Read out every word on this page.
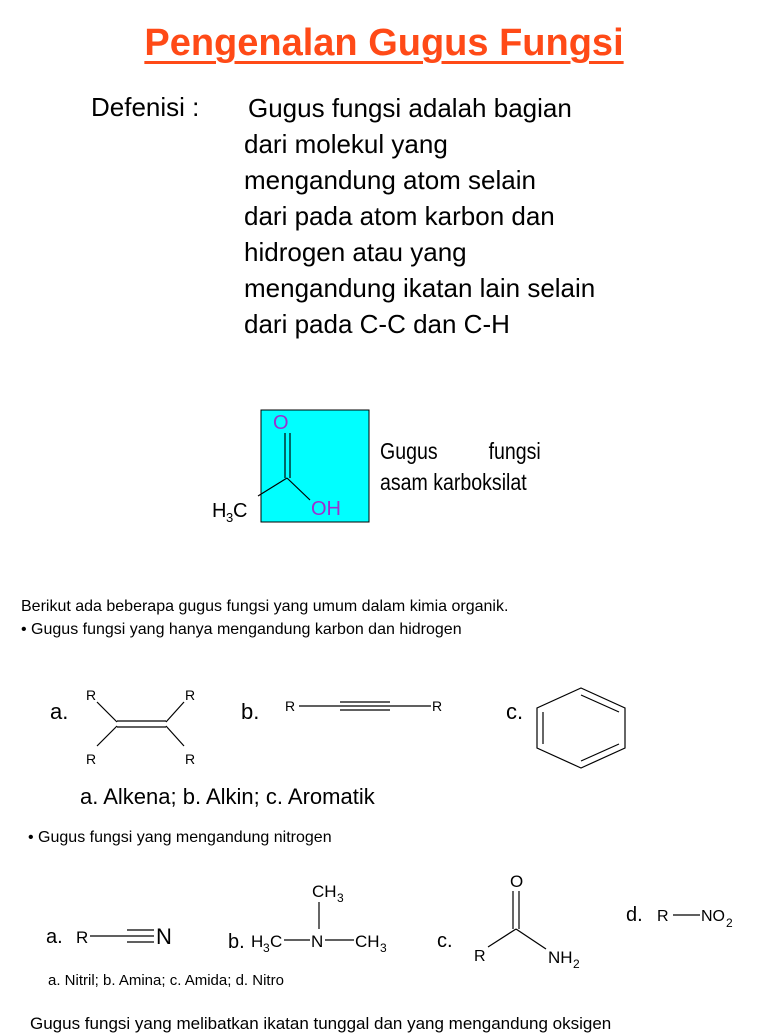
Pengenalan Gugus Fungsi
Defenisi : Gugus fungsi adalah bagian
dari molekul yang
mengandung atom selain
dari pada atom karbon dan
hidrogen atau yang
mengandung ikatan lain selain
dari pada C-C dan C-H
O
OH
H 3 C
Gugus fungsi
asam karboksilat
Berikut ada beberapa gugus fungsi yang umum dalam kimia organik.
• Gugus fungsi yang hanya mengandung karbon dan hidrogen
a.
R	R
R	R
b. R	R	c.
a. Alkena; b. Alkin; c. Aromatik
• Gugus fungsi yang mengandung nitrogen
a. R	N	b. H 3 C N
CH 3
CH 3	c.
O
R	NH 2
d. R NO 2
a. Nitril; b. Amina; c. Amida; d. Nitro
Gugus fungsi yang melibatkan ikatan tunggal dan yang mengandung oksigen
